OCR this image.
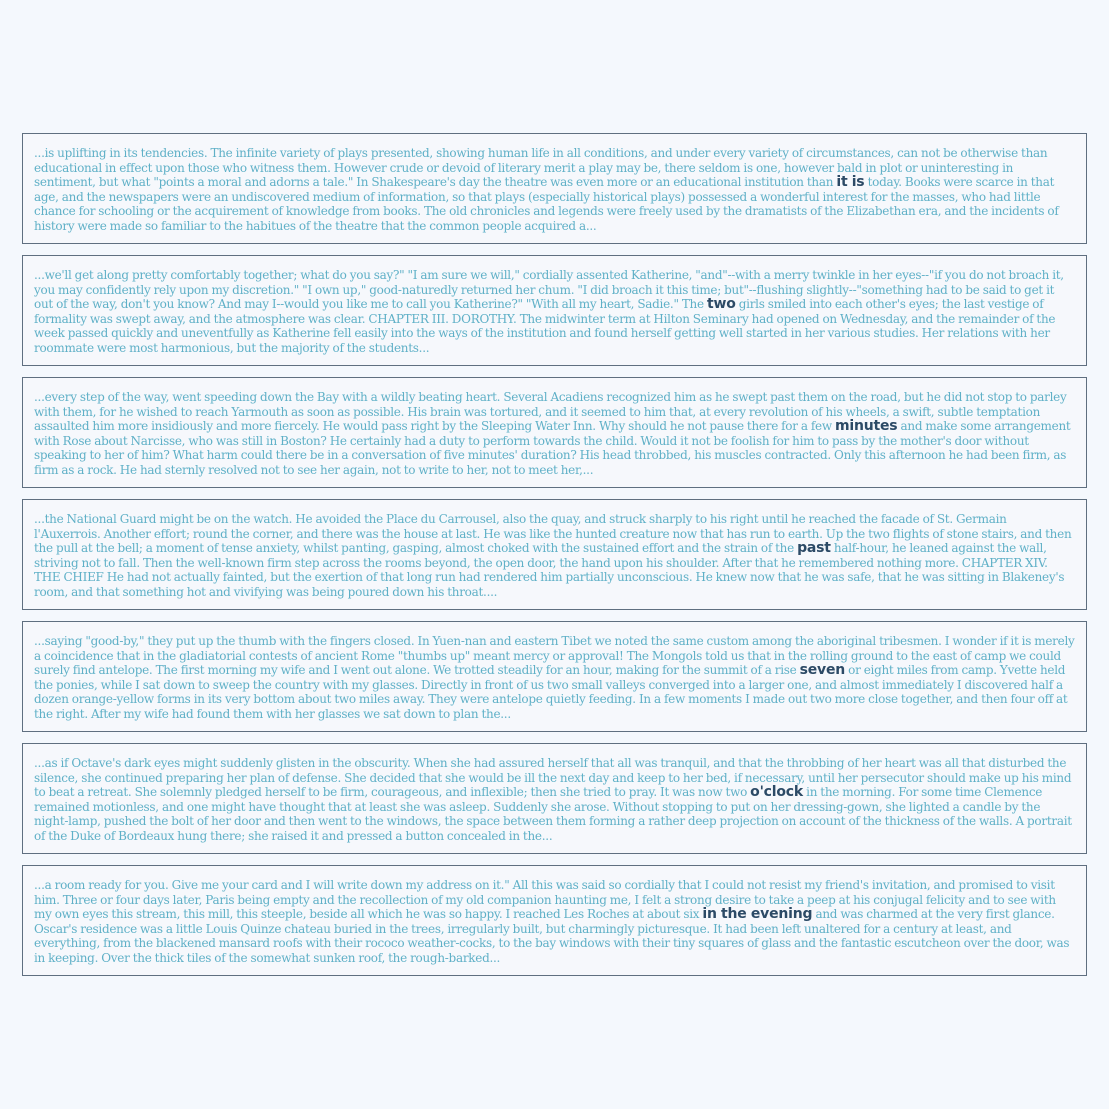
...is uplifting in its tendencies. The infinite variety of plays presented, showing human life in all conditions, and under every variety of circumstances, can not be otherwise than educational in effect upon those who witness them. However crude or devoid of literary merit a play may be, there seldom is one, however bald in plot or uninteresting in sentiment, but what "points a moral and adorns a tale." In Shakespeare's day the theatre was even more or an educational institution than it is today. Books were scarce in that age, and the newspapers were an undiscovered medium of information, so that plays (especially historical plays) possessed a wonderful interest for the masses, who had little chance for schooling or the acquirement of knowledge from books. The old chronicles and legends were freely used by the dramatists of the Elizabethan era, and the incidents of history were made so familiar to the habitues of the theatre that the common people acquired a...

...we'll get along pretty comfortably together; what do you say?" "I am sure we will," cordially assented Katherine, "and"--with a merry twinkle in her eyes--"if you do not broach it, you may confidently rely upon my discretion." "I own up," good-naturedly returned her chum. "I did broach it this time; but"--flushing slightly--"something had to be said to get it out of the way, don't you know? And may I--would you like me to call you Katherine?" "With all my heart, Sadie." The two girls smiled into each other's eyes; the last vestige of formality was swept away, and the atmosphere was clear. CHAPTER III. DOROTHY. The midwinter term at Hilton Seminary had opened on Wednesday, and the remainder of the week passed quickly and uneventfully as Katherine fell easily into the ways of the institution and found herself getting well started in her various studies. Her relations with her roommate were most harmonious, but the majority of the students...

...every step of the way, went speeding down the Bay with a wildly beating heart. Several Acadiens recognized him as he swept past them on the road, but he did not stop to parley with them, for he wished to reach Yarmouth as soon as possible. His brain was tortured, and it seemed to him that, at every revolution of his wheels, a swift, subtle temptation assaulted him more insidiously and more fiercely. He would pass right by the Sleeping Water Inn. Why should he not pause there for a few minutes and make some arrangement with Rose about Narcisse, who was still in Boston? He certainly had a duty to perform towards the child. Would it not be foolish for him to pass by the mother's door without speaking to her of him? What harm could there be in a conversation of five minutes' duration? His head throbbed, his muscles contracted. Only this afternoon he had been firm, as firm as a rock. He had sternly resolved not to see her again, not to write to her, not to meet her,...

...the National Guard might be on the watch. He avoided the Place du Carrousel, also the quay, and struck sharply to his right until he reached the facade of St. Germain l'Auxerrois. Another effort; round the corner, and there was the house at last. He was like the hunted creature now that has run to earth. Up the two flights of stone stairs, and then the pull at the bell; a moment of tense anxiety, whilst panting, gasping, almost choked with the sustained effort and the strain of the past half-hour, he leaned against the wall, striving not to fall. Then the well-known firm step across the rooms beyond, the open door, the hand upon his shoulder. After that he remembered nothing more. CHAPTER XIV. THE CHIEF He had not actually fainted, but the exertion of that long run had rendered him partially unconscious. He knew now that he was safe, that he was sitting in Blakeney's room, and that something hot and vivifying was being poured down his throat....

...saying "good-by," they put up the thumb with the fingers closed. In Yuen-nan and eastern Tibet we noted the same custom among the aboriginal tribesmen. I wonder if it is merely a coincidence that in the gladiatorial contests of ancient Rome "thumbs up" meant mercy or approval! The Mongols told us that in the rolling ground to the east of camp we could surely find antelope. The first morning my wife and I went out alone. We trotted steadily for an hour, making for the summit of a rise seven or eight miles from camp. Yvette held the ponies, while I sat down to sweep the country with my glasses. Directly in front of us two small valleys converged into a larger one, and almost immediately I discovered half a dozen orange-yellow forms in its very bottom about two miles away. They were antelope quietly feeding. In a few moments I made out two more close together, and then four off at the right. After my wife had found them with her glasses we sat down to plan the...

...as if Octave's dark eyes might suddenly glisten in the obscurity. When she had assured herself that all was tranquil, and that the throbbing of her heart was all that disturbed the silence, she continued preparing her plan of defense. She decided that she would be ill the next day and keep to her bed, if necessary, until her persecutor should make up his mind to beat a retreat. She solemnly pledged herself to be firm, courageous, and inflexible; then she tried to pray. It was now two o'clock in the morning. For some time Clemence remained motionless, and one might have thought that at least she was asleep. Suddenly she arose. Without stopping to put on her dressing-gown, she lighted a candle by the night-lamp, pushed the bolt of her door and then went to the windows, the space between them forming a rather deep projection on account of the thickness of the walls. A portrait of the Duke of Bordeaux hung there; she raised it and pressed a button concealed in the...

...a room ready for you. Give me your card and I will write down my address on it." All this was said so cordially that I could not resist my friend's invitation, and promised to visit him. Three or four days later, Paris being empty and the recollection of my old companion haunting me, I felt a strong desire to take a peep at his conjugal felicity and to see with my own eyes this stream, this mill, this steeple, beside all which he was so happy. I reached Les Roches at about six in the evening and was charmed at the very first glance. Oscar's residence was a little Louis Quinze chateau buried in the trees, irregularly built, but charmingly picturesque. It had been left unaltered for a century at least, and everything, from the blackened mansard roofs with their rococo weather-cocks, to the bay windows with their tiny squares of glass and the fantastic escutcheon over the door, was in keeping. Over the thick tiles of the somewhat sunken roof, the rough-barked...
